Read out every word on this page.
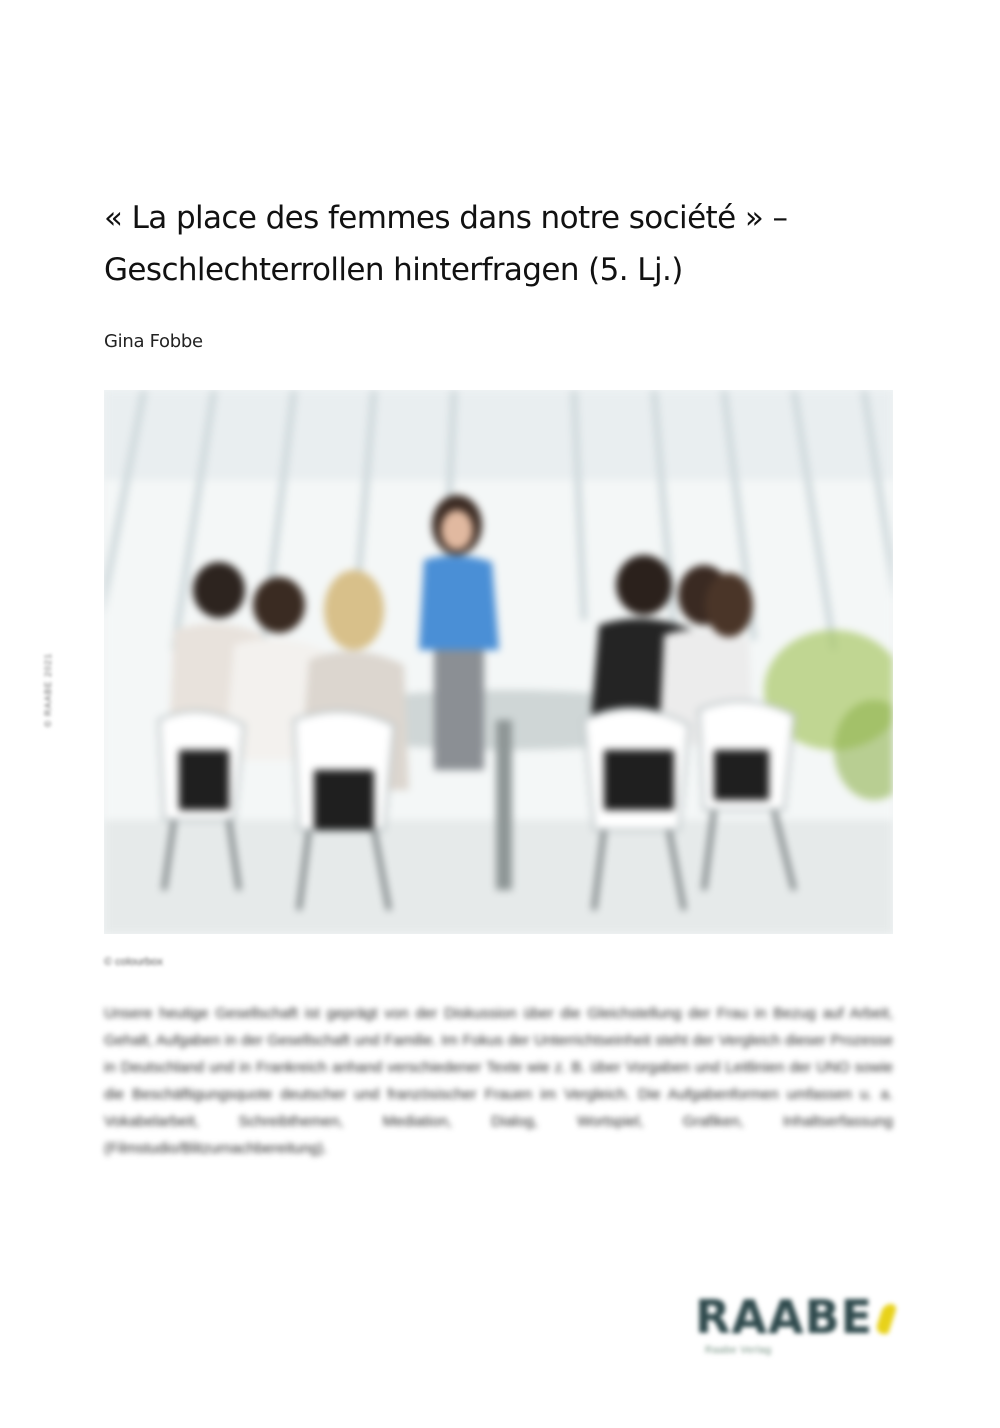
« La place des femmes dans notre société » –
Geschlechterrollen hinterfragen (5. Lj.)
Gina Fobbe
© RAABE 2021
© colourbox

Unsere heutige Gesellschaft ist geprägt von der Diskussion über die Gleichstellung der Frau in Bezug auf Arbeit, Gehalt, Aufgaben in der Gesellschaft und Familie. Im Fokus der Unterrichtseinheit steht der Vergleich dieser Prozesse in Deutschland und in Frankreich anhand verschiedener Texte wie z. B. über Vorgaben und Leitlinien der UNO sowie die Beschäftigungsquote deutscher und französischer Frauen im Vergleich. Die Aufgabenformen umfassen u. a. Vokabelarbeit, Schreibthemen, Mediation, Dialog, Wortspiel, Grafiken, Inhaltserfassung (Filmstudio/Blitzurnachbereitung).

RAABE
Raabe Verlag
